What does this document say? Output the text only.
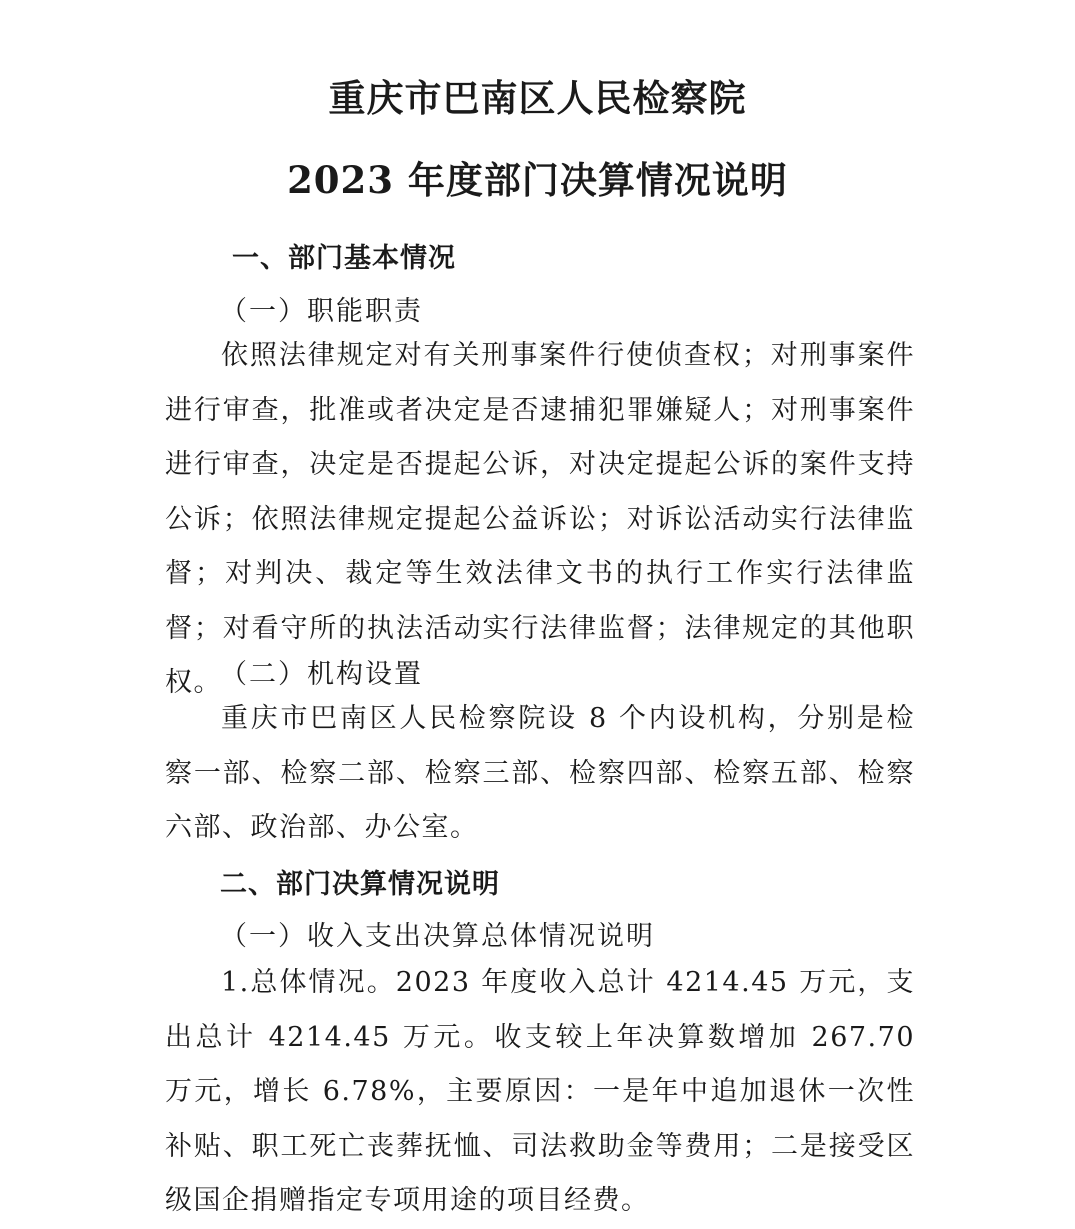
重庆市巴南区人民检察院
2023 年度部门决算情况说明
一、部门基本情况
（一）职能职责

依照法律规定对有关刑事案件行使侦查权；对刑事案件进行审查，批准或者决定是否逮捕犯罪嫌疑人；对刑事案件进行审查，决定是否提起公诉，对决定提起公诉的案件支持公诉；依照法律规定提起公益诉讼；对诉讼活动实行法律监督；对判决、裁定等生效法律文书的执行工作实行法律监督；对看守所的执法活动实行法律监督；法律规定的其他职权。

（二）机构设置

重庆市巴南区人民检察院设 8 个内设机构，分别是检察一部、检察二部、检察三部、检察四部、检察五部、检察六部、政治部、办公室。

二、部门决算情况说明
（一）收入支出决算总体情况说明

1.总体情况。2023 年度收入总计 4214.45 万元，支出总计 4214.45 万元。收支较上年决算数增加 267.70 万元，增长 6.78%，主要原因：一是年中追加退休一次性补贴、职工死亡丧葬抚恤、司法救助金等费用；二是接受区级国企捐赠指定专项用途的项目经费。
